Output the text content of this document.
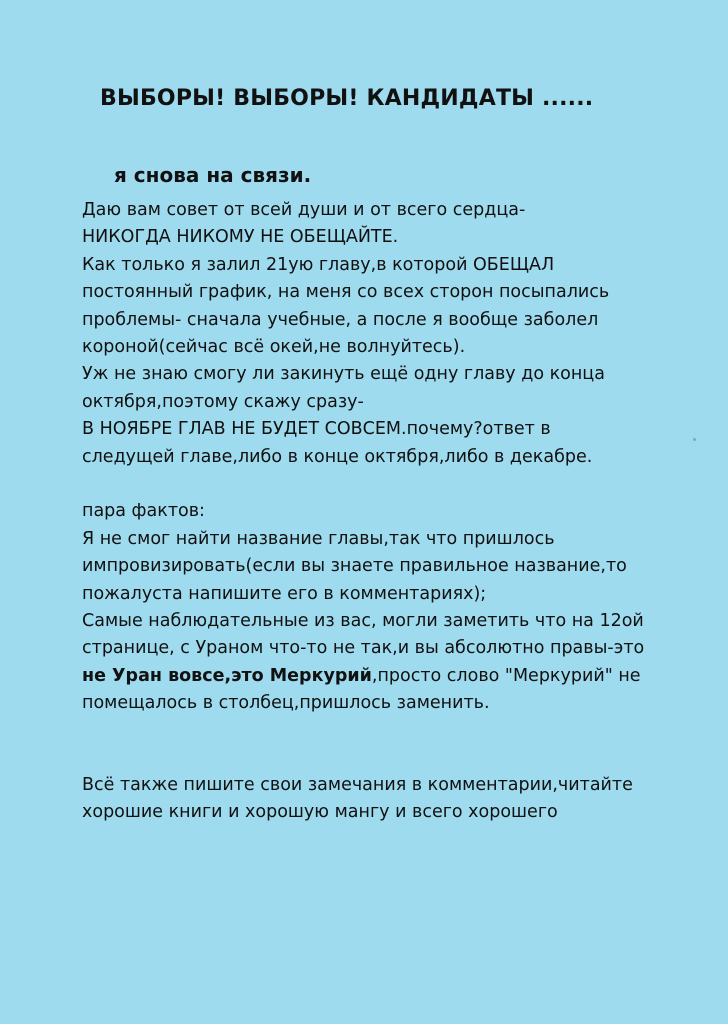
ВЫБОРЫ! ВЫБОРЫ! КАНДИДАТЫ ......
я снова на связи.
Даю вам совет от всей души и от всего сердца-
НИКОГДА НИКОМУ НЕ ОБЕЩАЙТЕ.
Как только я залил 21ую главу,в которой ОБЕЩАЛ
постоянный график, на меня со всех сторон посыпались
проблемы- сначала учебные, а после я вообще заболел
короной(сейчас всё окей,не волнуйтесь).
Уж не знаю смогу ли закинуть ещё одну главу до конца
октября,поэтому скажу сразу-
В НОЯБРЕ ГЛАВ НЕ БУДЕТ СОВСЕМ.почему?ответ в
следущей главе,либо в конце октября,либо в декабре.
пара фактов:
Я не смог найти название главы,так что пришлось
импровизировать(если вы знаете правильное название,то
пожалуста напишите его в комментариях);
Самые наблюдательные из вас, могли заметить что на 12ой
странице, с Ураном что-то не так,и вы абсолютно правы-это
не Уран вовсе,это Меркурий,просто слово "Меркурий" не
помещалось в столбец,пришлось заменить.
Всё также пишите свои замечания в комментарии,читайте
хорошие книги и хорошую мангу и всего хорошего
